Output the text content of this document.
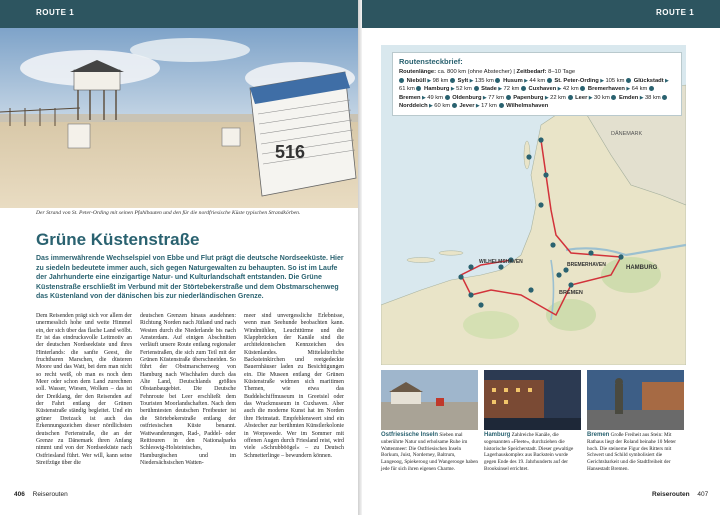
ROUTE 1	ROUTE 1
516
Der Strand von St. Peter-Ording mit seinen Pfahlbauten und den für die nordfriesische Küste typischen Strandkörben.
Grüne Küstenstraße
Das immerwährende Wechselspiel von Ebbe und Flut prägt die deutsche Nordseeküste. Hier zu siedeln bedeutete immer auch, sich gegen Naturgewalten zu behaupten. So ist im Laufe der Jahrhunderte eine einzigartige Natur- und Kulturlandschaft entstanden. Die Grüne Küstenstraße erschließt im Verbund mit der Störtebekerstraße und dem Obstmarschenweg das Küstenland von der dänischen bis zur niederländischen Grenze.
Dem Reisenden prägt sich vor allem der unermesslich hohe und weite Himmel ein, der sich über das flache Land wölbt. Er ist das eindrucksvolle Leitmotiv an der deutschen Nordseeküste und ihres Hinterlands: die sanfte Geest, die fruchtbaren Marschen, die düsteren Moore und das Watt, bei dem man nicht so recht weiß, ob man es noch dem Meer oder schon dem Land zurechnen soll. Wasser, Wiesen, Wolken – das ist der Dreiklang, der den Reisenden auf der Fahrt entlang der Grünen Küstenstraße ständig begleitet. Und ein grüner Dreizack ist auch das Erkennungszeichen dieser nördlichsten deutschen Ferienstraße, die an der Grenze zu Dänemark ihren Anfang nimmt und von der Nordseeküste nach Ostfriesland führt. Wer will, kann seine Streifzüge über die
deutschen Grenzen hinaus ausdehnen: Richtung Norden nach Jütland und nach Westen durch die Niederlande bis nach Amsterdam. Auf einigen Abschnitten verläuft unsere Route entlang regionaler Ferienstraßen, die sich zum Teil mit der Grünen Küstenstraße überschneiden. So führt der Obstmarschenweg von Hamburg nach Wischhafen durch das Alte Land, Deutschlands größtes Obstanbaugebiet. Die Deutsche Fehnroute bei Leer erschließt dem Touristen Moorlandschaften. Nach dem berühmtesten deutschen Freibeuter ist die Störtebekerstraße entlang der ostfriesischen Küste benannt. Wattwanderungen, Rad-, Paddel- oder Reittouren in den Nationalparks Schleswig-Holsteinisches, im Hamburgischen und im Niedersächsischen Watten-
meer sind unvergessliche Erlebnisse, wenn man Seehunde beobachten kann. Windmühlen, Leuchttürme und die Klappbrücken der Kanäle sind die architektonischen Kennzeichen des Küstenlandes. Mittelalterliche Backsteinkirchen und reetgedeckte Bauernhäuser laden zu Besichtigungen ein. Die Museen entlang der Grünen Küstenstraße widmen sich maritimen Themen, wie etwa das Buddelschiffmuseum in Greetsiel oder das Wrackmuseum in Cuxhaven. Aber auch die moderne Kunst hat im Norden ihre Heimstatt. Empfehlenswert sind ein Abstecher zur berühmten Künstlerkolonie in Worpswede. Wer im Sommer mit offenen Augen durch Friesland reist, wird viele »Schrubböögel« – zu Deutsch Schmetterlinge – bewundern können.
406 Reiserouten
DÄNEMARK
HAMBURG
BREMERHAVEN
BREMEN
WILHELMSHAVEN
Routensteckbrief:
Routenlänge: ca. 800 km (ohne Abstecher) | Zeitbedarf: 8–10 Tage
Niebüll ▶ 98 km  Sylt ▶ 135 km  Husum ▶ 44 km  St. Peter-Ording ▶ 105 km  Glückstadt ▶ 61 km  Hamburg ▶ 52 km  Stade ▶ 72 km  Cuxhaven ▶ 42 km  Bremerhaven ▶ 64 km  Bremen ▶ 49 km  Oldenburg ▶ 77 km  Papenburg ▶ 22 km  Leer ▶ 30 km  Emden ▶ 38 km  Norddeich ▶ 60 km  Jever ▶ 17 km  Wilhelmshaven
Ostfriesische Inseln Sieben mal unberührte Natur und erholsame Ruhe im Wattenmeer: Die Ostfriesischen Inseln Borkum, Juist, Norderney, Baltrum, Langeoog, Spiekeroog und Wangerooge haben jede für sich ihren eigenen Charme.
Hamburg Zahlreiche Kanäle, die sogenannten »Fleete«, durchziehen die historische Speicherstadt. Dieser gewaltige Lagerhauskomplex aus Backstein wurde gegen Ende des 19. Jahrhunderts auf der Brooksinsel errichtet.
Bremen Große Freiheit aus Stein: Mit Rathaus liegt der Roland beinahe 10 Meter hoch. Die steinerne Figur des Ritters mit Schwert und Schild symbolisiert die Gerichtsbarkeit und die Stadtfreiheit der Hansestadt Bremen.
Reiserouten 407
